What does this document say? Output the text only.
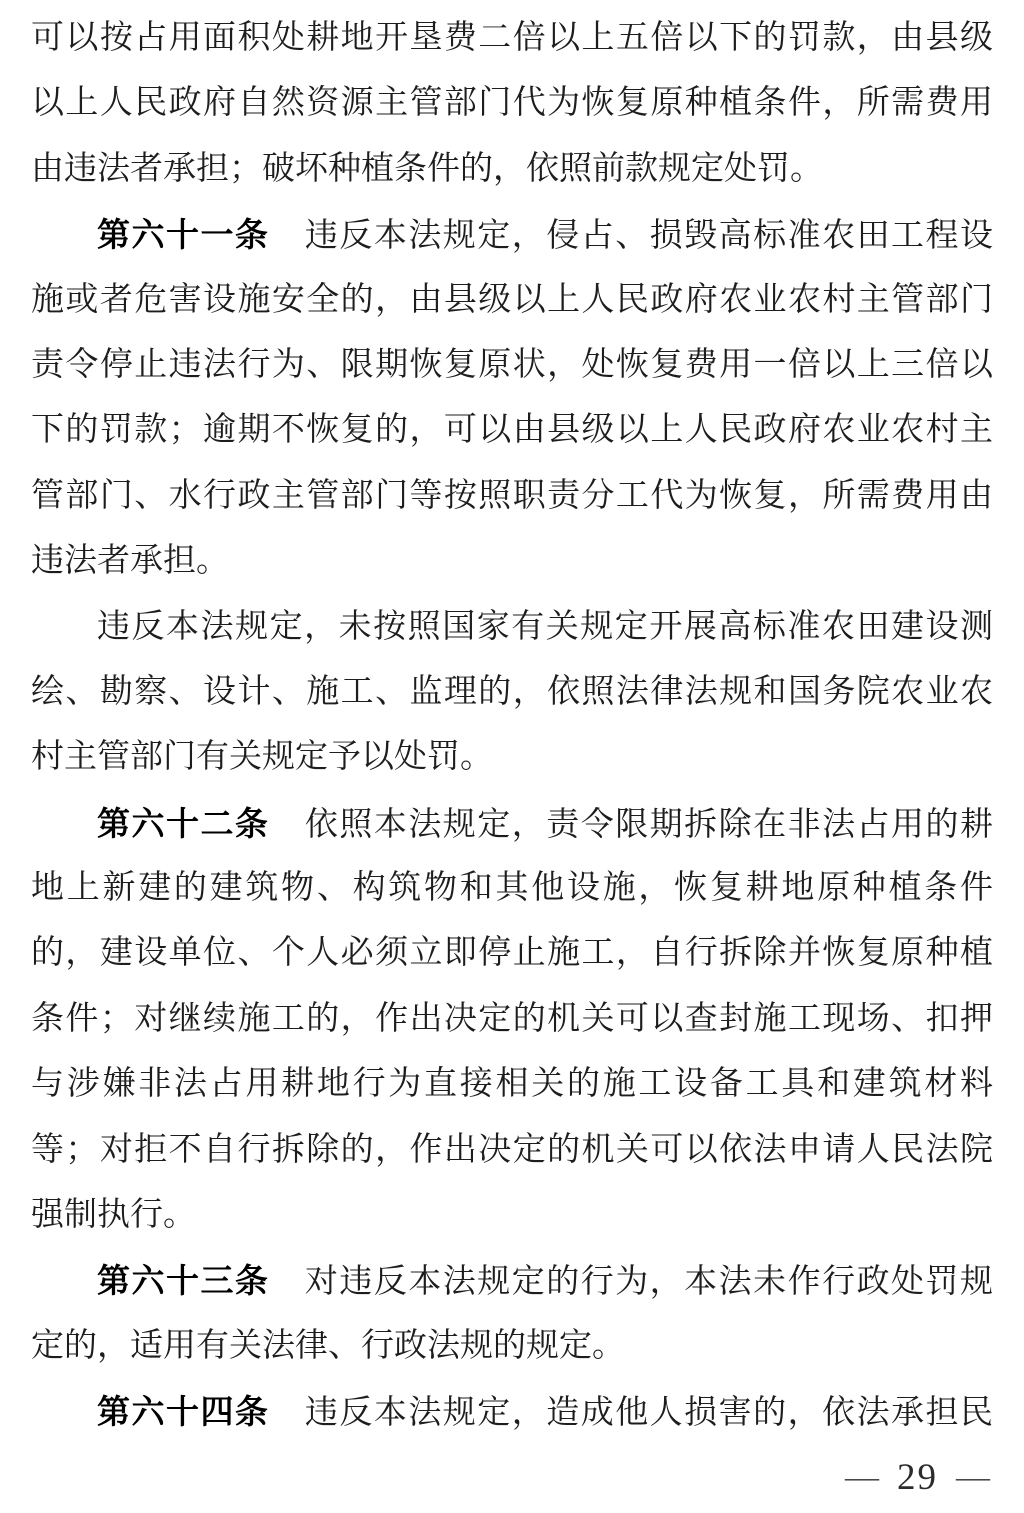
可以按占用面积处耕地开垦费二倍以上五倍以下的罚款，由县级
以上人民政府自然资源主管部门代为恢复原种植条件，所需费用
由违法者承担；破坏种植条件的，依照前款规定处罚。
第六十一条 违反本法规定，侵占、损毁高标准农田工程设
施或者危害设施安全的，由县级以上人民政府农业农村主管部门
责令停止违法行为、限期恢复原状，处恢复费用一倍以上三倍以
下的罚款；逾期不恢复的，可以由县级以上人民政府农业农村主
管部门、水行政主管部门等按照职责分工代为恢复，所需费用由
违法者承担。
违反本法规定，未按照国家有关规定开展高标准农田建设测
绘、勘察、设计、施工、监理的，依照法律法规和国务院农业农
村主管部门有关规定予以处罚。
第六十二条 依照本法规定，责令限期拆除在非法占用的耕
地上新建的建筑物、构筑物和其他设施，恢复耕地原种植条件
的，建设单位、个人必须立即停止施工，自行拆除并恢复原种植
条件；对继续施工的，作出决定的机关可以查封施工现场、扣押
与涉嫌非法占用耕地行为直接相关的施工设备工具和建筑材料
等；对拒不自行拆除的，作出决定的机关可以依法申请人民法院
强制执行。
第六十三条 对违反本法规定的行为，本法未作行政处罚规
定的，适用有关法律、行政法规的规定。
第六十四条 违反本法规定，造成他人损害的，依法承担民
— 29 —
